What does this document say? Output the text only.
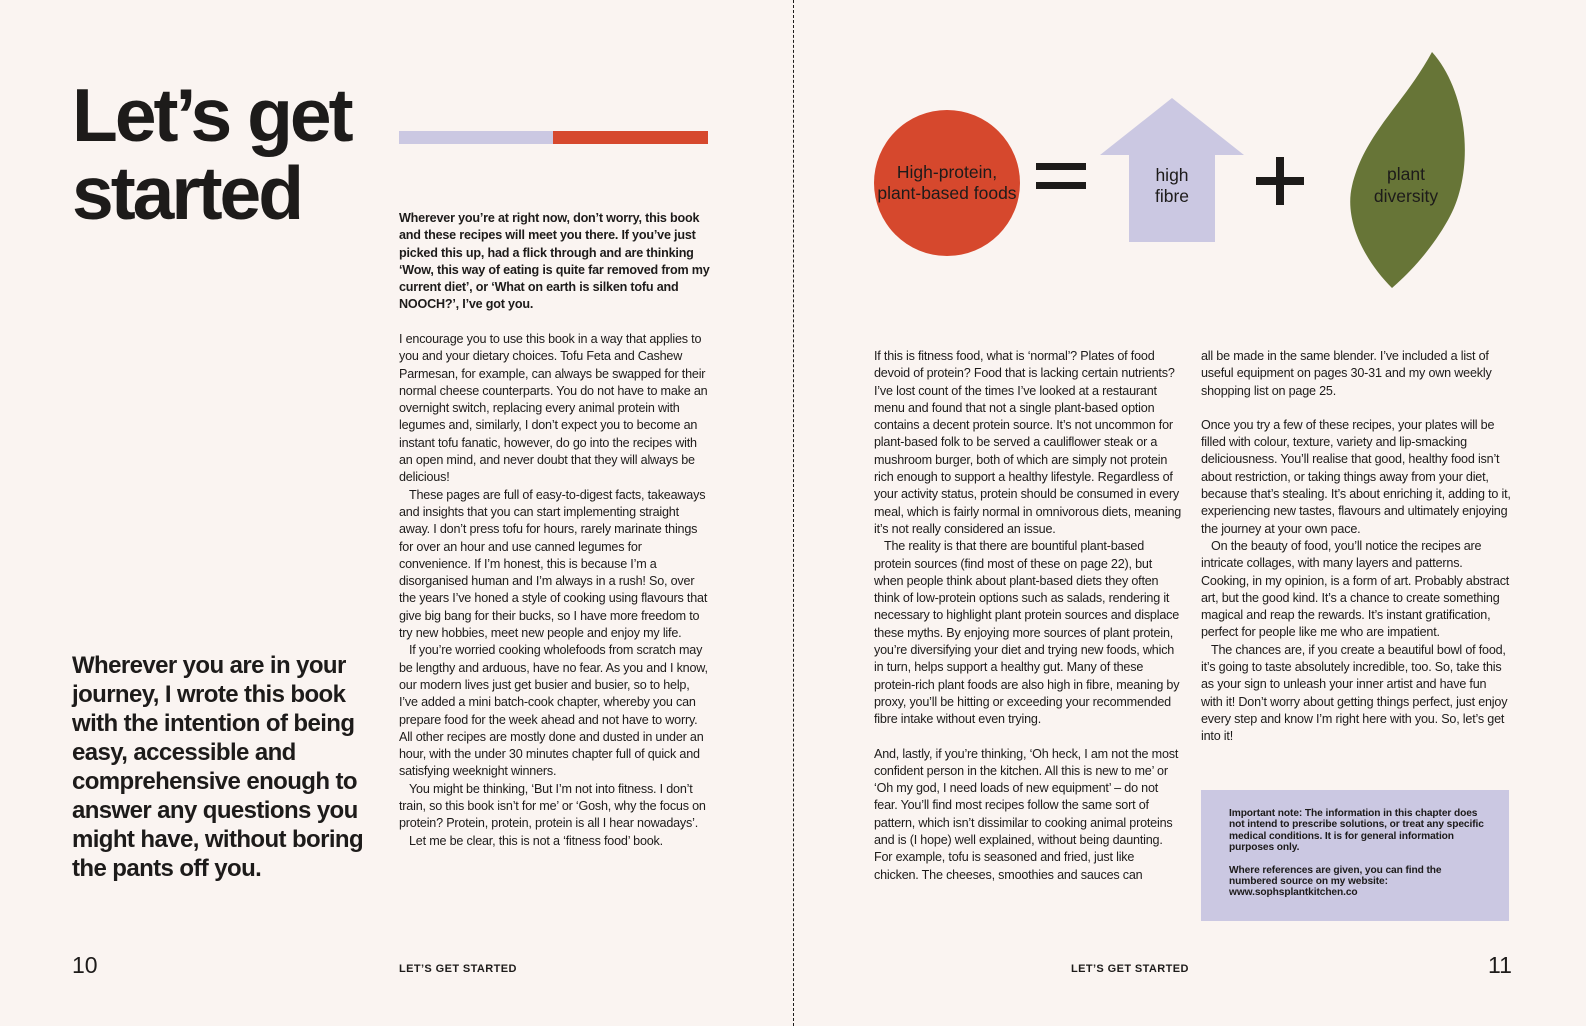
Let’s get
started	Wherever you’re at right now, don’t worry, this book and these recipes will meet you there. If you’ve just picked this up, had a flick through and are thinking ‘Wow, this way of eating is quite far removed from my current diet’, or ‘What on earth is silken tofu and NOOCH?’, I’ve got you.

I encourage you to use this book in a way that applies to you and your dietary choices. Tofu Feta and Cashew Parmesan, for example, can always be swapped for their normal cheese counterparts. You do not have to make an overnight switch, replacing every animal protein with legumes and, similarly, I don’t expect you to become an instant tofu fanatic, however, do go into the recipes with an open mind, and never doubt that they will always be delicious!

These pages are full of easy-to-digest facts, takeaways and insights that you can start implementing straight away. I don’t press tofu for hours, rarely marinate things for over an hour and use canned legumes for convenience. If I’m honest, this is because I’m a disorganised human and I’m always in a rush! So, over the years I’ve honed a style of cooking using flavours that give big bang for their bucks, so I have more freedom to try new hobbies, meet new people and enjoy my life.

If you’re worried cooking wholefoods from scratch may be lengthy and arduous, have no fear. As you and I know, our modern lives just get busier and busier, so to help, I’ve added a mini batch-cook chapter, whereby you can prepare food for the week ahead and not have to worry. All other recipes are mostly done and dusted in under an hour, with the under 30 minutes chapter full of quick and satisfying weeknight winners.

You might be thinking, ‘But I’m not into fitness. I don’t train, so this book isn’t for me’ or ‘Gosh, why the focus on protein? Protein, protein, protein is all I hear nowadays’.

Let me be clear, this is not a ‘fitness food’ book.

Wherever you are in your journey, I wrote this book with the intention of being easy, accessible and comprehensive enough to answer any questions you might have, without boring the pants off you.
10	LET’S GET STARTED
High-protein, plant-based foods
high fibre
plant diversity

If this is fitness food, what is ‘normal’? Plates of food devoid of protein? Food that is lacking certain nutrients? I’ve lost count of the times I’ve looked at a restaurant menu and found that not a single plant-based option contains a decent protein source. It’s not uncommon for plant-based folk to be served a cauliflower steak or a mushroom burger, both of which are simply not protein rich enough to support a healthy lifestyle. Regardless of your activity status, protein should be consumed in every meal, which is fairly normal in omnivorous diets, meaning it’s not really considered an issue.

The reality is that there are bountiful plant-based protein sources (find most of these on page 22), but when people think about plant-based diets they often think of low-protein options such as salads, rendering it necessary to highlight plant protein sources and displace these myths. By enjoying more sources of plant protein, you’re diversifying your diet and trying new foods, which in turn, helps support a healthy gut. Many of these protein-rich plant foods are also high in fibre, meaning by proxy, you’ll be hitting or exceeding your recommended fibre intake without even trying.

And, lastly, if you’re thinking, ‘Oh heck, I am not the most confident person in the kitchen. All this is new to me’ or ‘Oh my god, I need loads of new equipment’ – do not fear. You’ll find most recipes follow the same sort of pattern, which isn’t dissimilar to cooking animal proteins and is (I hope) well explained, without being daunting. For example, tofu is seasoned and fried, just like chicken. The cheeses, smoothies and sauces can

all be made in the same blender. I’ve included a list of useful equipment on pages 30-31 and my own weekly shopping list on page 25.

Once you try a few of these recipes, your plates will be filled with colour, texture, variety and lip-smacking deliciousness. You’ll realise that good, healthy food isn’t about restriction, or taking things away from your diet, because that’s stealing. It’s about enriching it, adding to it, experiencing new tastes, flavours and ultimately enjoying the journey at your own pace.

On the beauty of food, you’ll notice the recipes are intricate collages, with many layers and patterns. Cooking, in my opinion, is a form of art. Probably abstract art, but the good kind. It’s a chance to create something magical and reap the rewards. It’s instant gratification, perfect for people like me who are impatient.

The chances are, if you create a beautiful bowl of food, it’s going to taste absolutely incredible, too. So, take this as your sign to unleash your inner artist and have fun with it! Don’t worry about getting things perfect, just enjoy every step and know I’m right here with you. So, let’s get into it!

Important note: The information in this chapter does not intend to prescribe solutions, or treat any specific medical conditions. It is for general information purposes only.

Where references are given, you can find the numbered source on my website: www.sophsplantkitchen.co

LET’S GET STARTED	11
